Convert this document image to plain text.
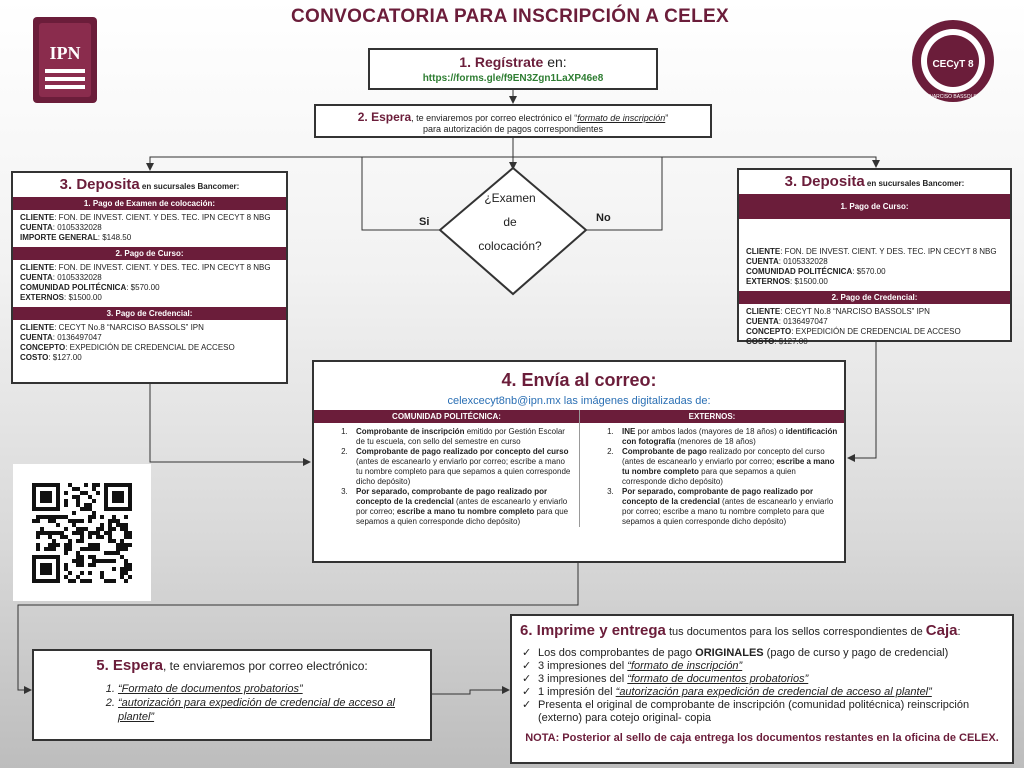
CONVOCATORIA PARA INSCRIPCIÓN A CELEX
IPN
CECyT 8
NARCISO BASSOLS
1. Regístrate en:
https://forms.gle/f9EN3Zgn1LaXP46e8
2. Espera, te enviaremos por correo electrónico el “formato de inscripción”
para autorización de pagos correspondientes
¿Examen
de
colocación?
Si	No
3. Deposita en sucursales Bancomer:
1. Pago de Examen de colocación:
CLIENTE: FON. DE INVEST. CIENT. Y DES. TEC. IPN CECYT 8 NBG
CUENTA: 0105332028
IMPORTE GENERAL: $148.50
2. Pago de Curso:
CLIENTE: FON. DE INVEST. CIENT. Y DES. TEC. IPN CECYT 8 NBG
CUENTA: 0105332028
COMUNIDAD POLITÉCNICA: $570.00
EXTERNOS: $1500.00
3. Pago de Credencial:
CLIENTE: CECYT No.8 “NARCISO BASSOLS” IPN
CUENTA: 0136497047
CONCEPTO: EXPEDICIÓN DE CREDENCIAL DE ACCESO
COSTO: $127.00
3. Deposita en sucursales Bancomer:
1. Pago de Curso:
CLIENTE: FON. DE INVEST. CIENT. Y DES. TEC. IPN CECYT 8 NBG
CUENTA: 0105332028
COMUNIDAD POLITÉCNICA: $570.00
EXTERNOS: $1500.00
2. Pago de Credencial:
CLIENTE: CECYT No.8 “NARCISO BASSOLS” IPN
CUENTA: 0136497047
CONCEPTO: EXPEDICIÓN DE CREDENCIAL DE ACCESO
COSTO: $127.00
4. Envía al correo:
celexcecyt8nb@ipn.mx las imágenes digitalizadas de:
COMUNIDAD POLITÉCNICA:
1. Comprobante de inscripción emitido por Gestión Escolar de tu escuela, con sello del semestre en curso
2. Comprobante de pago realizado por concepto del curso (antes de escanearlo y enviarlo por correo; escribe a mano tu nombre completo para que sepamos a quien corresponde dicho depósito)
3. Por separado, comprobante de pago realizado por concepto de la credencial (antes de escanearlo y enviarlo por correo; escribe a mano tu nombre completo para que sepamos a quien corresponde dicho depósito)
EXTERNOS:
1. INE por ambos lados (mayores de 18 años) o identificación con fotografía (menores de 18 años)
2. Comprobante de pago realizado por concepto del curso (antes de escanearlo y enviarlo por correo; escribe a mano tu nombre completo para que sepamos a quien corresponde dicho depósito)
3. Por separado, comprobante de pago realizado por concepto de la credencial (antes de escanearlo y enviarlo por correo; escribe a mano tu nombre completo para que sepamos a quien corresponde dicho depósito)
5. Espera, te enviaremos por correo electrónico:
1. “Formato de documentos probatorios”
2. “autorización para expedición de credencial de acceso al plantel”
6. Imprime y entrega tus documentos para los sellos correspondientes de Caja:
✓ Los dos comprobantes de pago ORIGINALES (pago de curso y pago de credencial)
✓ 3 impresiones del “formato de inscripción”
✓ 3 impresiones del “formato de documentos probatorios”
✓ 1 impresión del “autorización para expedición de credencial de acceso al plantel”
✓ Presenta el original de comprobante de inscripción (comunidad politécnica) reinscripción (externo) para cotejo original- copia
NOTA: Posterior al sello de caja entrega los documentos restantes en la oficina de CELEX.
